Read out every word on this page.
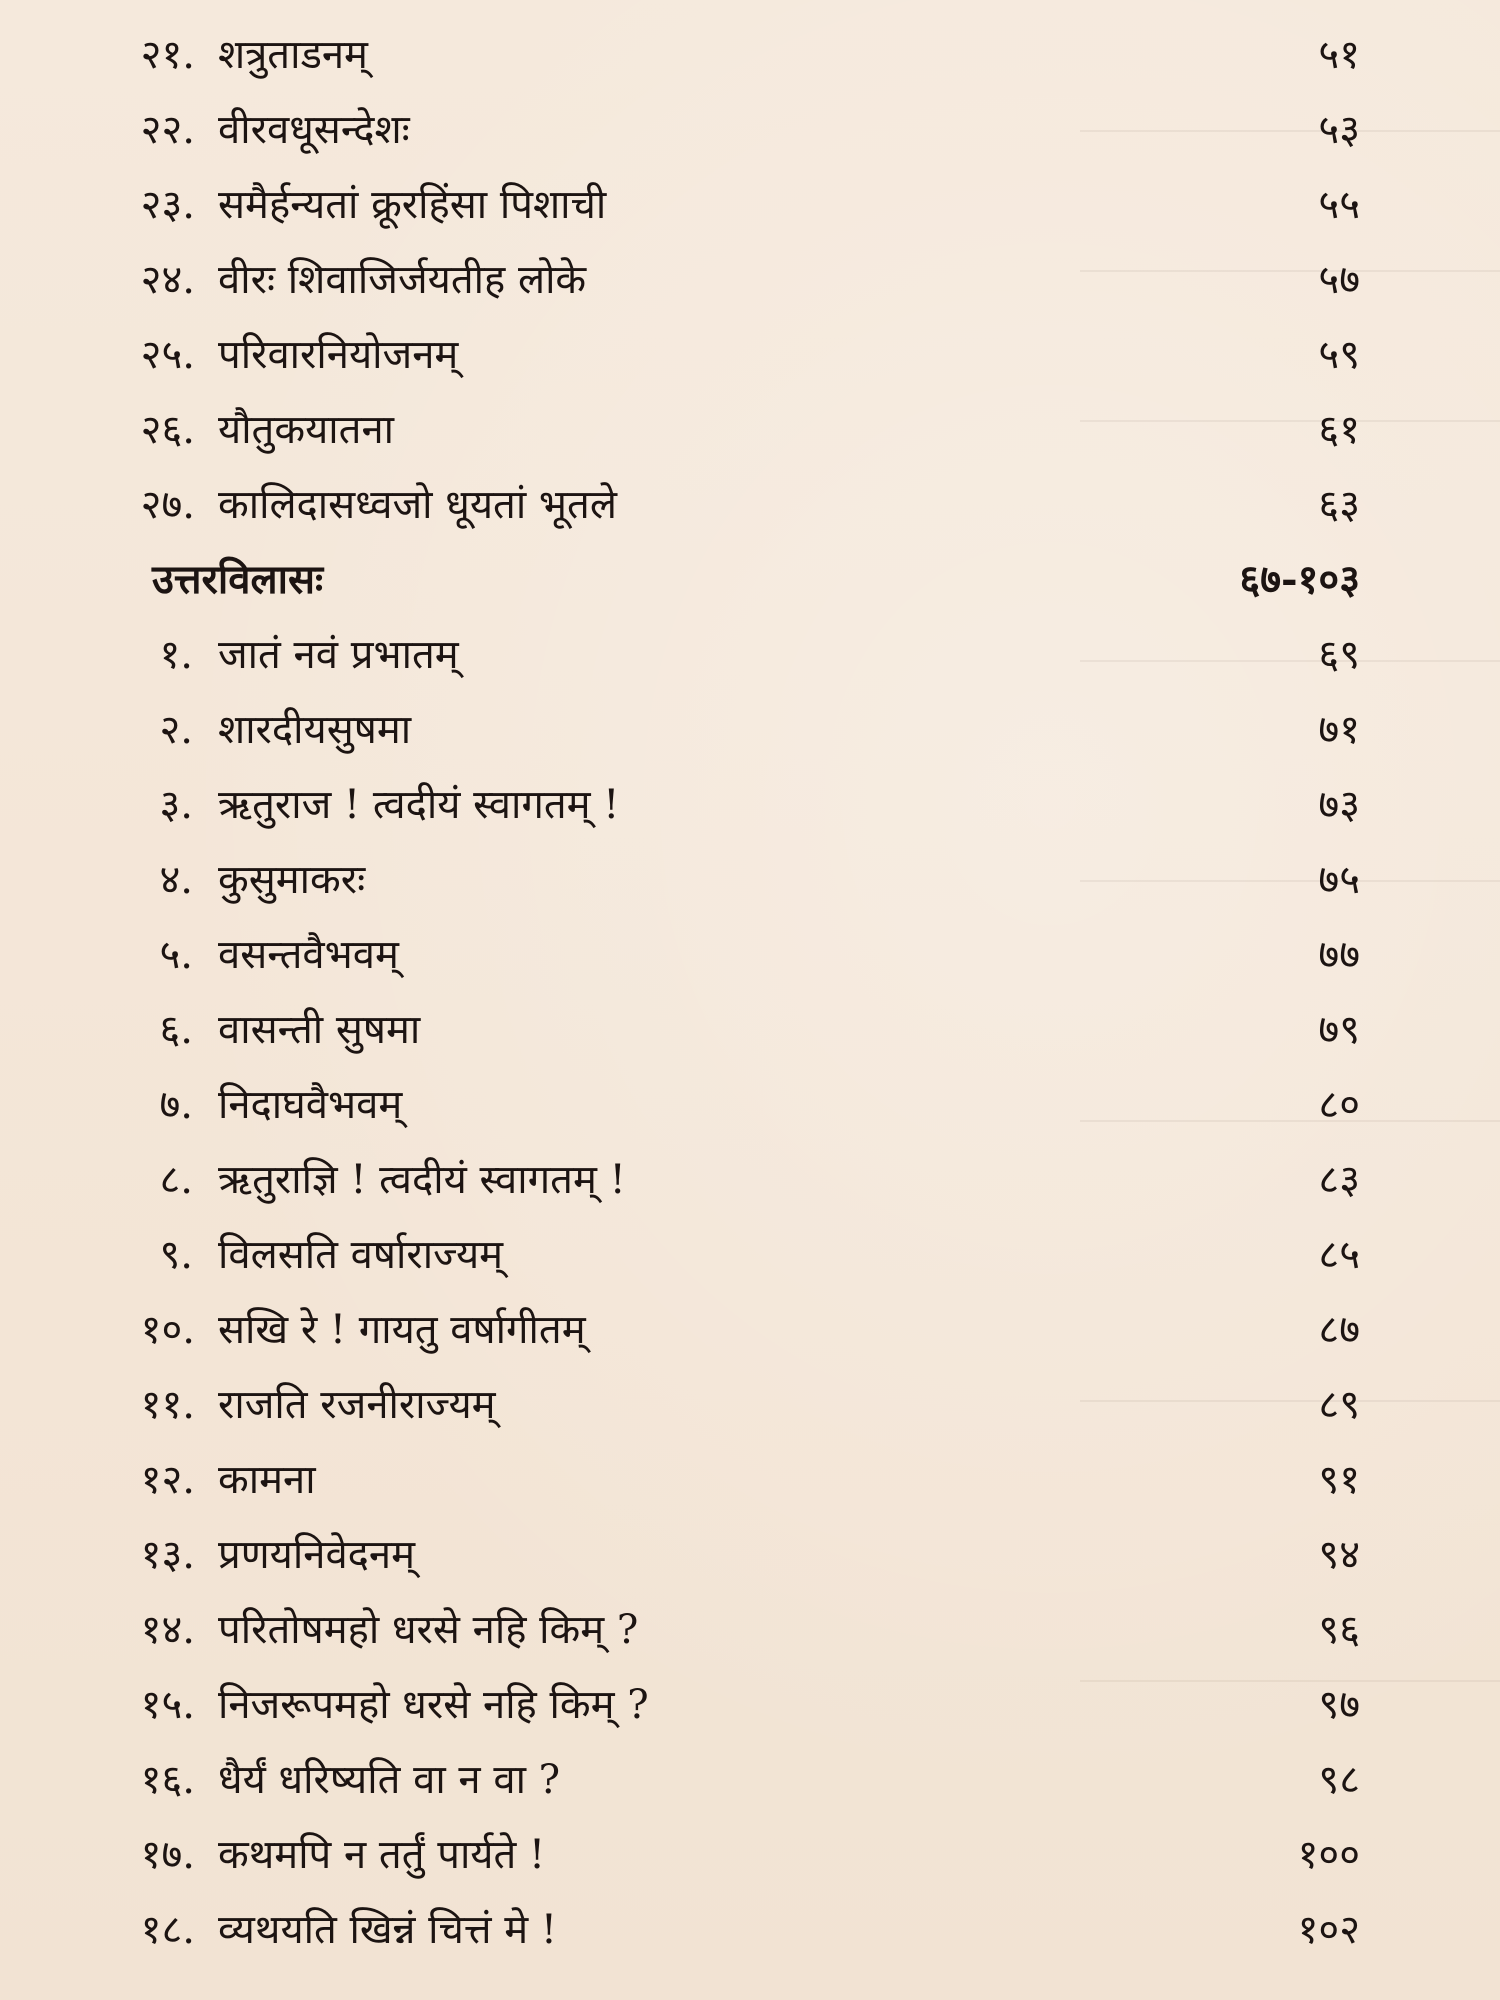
२१. शत्रुताडनम्	५१
२२. वीरवधूसन्देशः	५३
२३. समैर्हन्यतां क्रूरहिंसा पिशाची	५५
२४. वीरः शिवाजिर्जयतीह लोके	५७
२५. परिवारनियोजनम्	५९
२६. यौतुकयातना	६१
२७. कालिदासध्वजो धूयतां भूतले	६३
उत्तरविलासः	६७-१०३
१. जातं नवं प्रभातम्	६९
२. शारदीयसुषमा	७१
३. ऋतुराज ! त्वदीयं स्वागतम् !	७३
४. कुसुमाकरः	७५
५. वसन्तवैभवम्	७७
६. वासन्ती सुषमा	७९
७. निदाघवैभवम्	८०
८. ऋतुराज्ञि ! त्वदीयं स्वागतम् !	८३
९. विलसति वर्षाराज्यम्	८५
१०. सखि रे ! गायतु वर्षागीतम्	८७
११. राजति रजनीराज्यम्	८९
१२. कामना	९१
१३. प्रणयनिवेदनम्	९४
१४. परितोषमहो धरसे नहि किम् ?	९६
१५. निजरूपमहो धरसे नहि किम् ?	९७
१६. धैर्यं धरिष्यति वा न वा ?	९८
१७. कथमपि न तर्तुं पार्यते !	१००
१८. व्यथयति खिन्नं चित्तं मे !	१०२
